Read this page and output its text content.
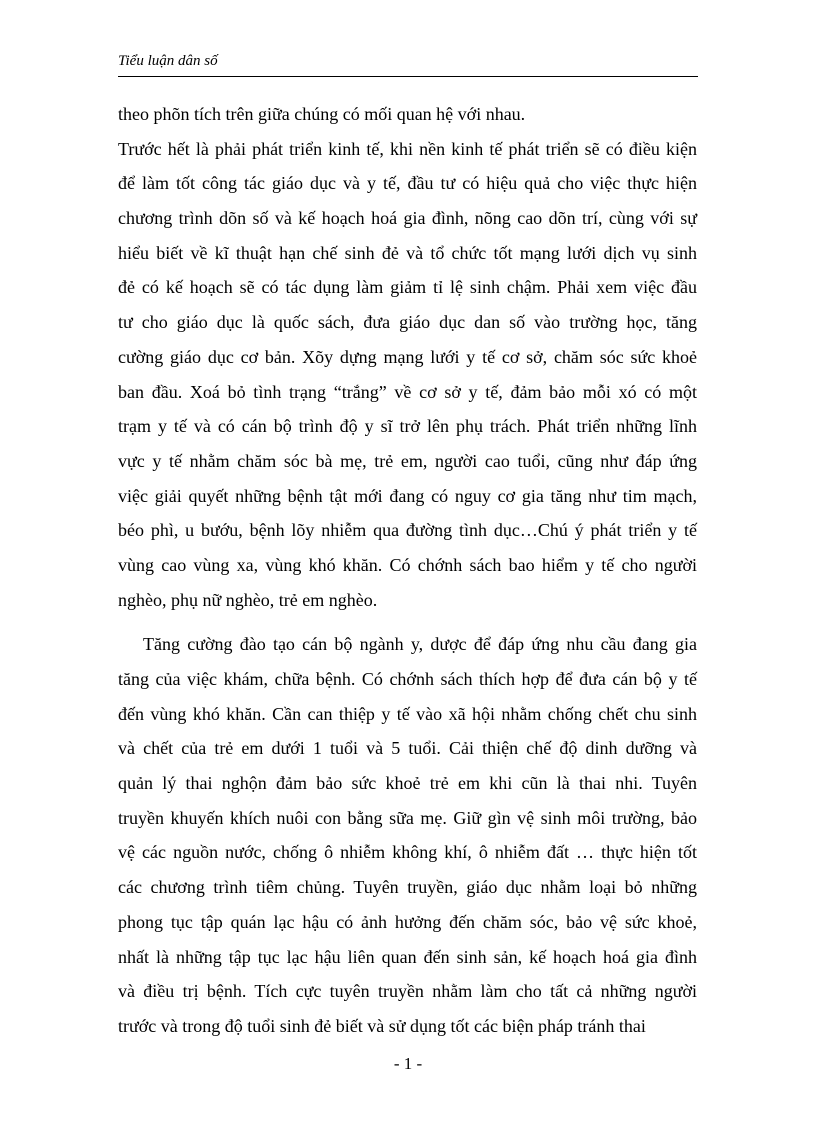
Tiểu luận dân số
theo phõn tích trên giữa chúng có mối quan hệ với nhau.
Trước hết là phải phát triển kinh tế, khi nền kinh tế phát triển sẽ có điều kiện
để làm tốt công tác giáo dục và y tế, đầu tư có hiệu quả cho việc thực hiện
chương trình dõn số và kế hoạch hoá gia đình, nõng cao dõn trí, cùng với sự
hiểu biết về kĩ thuật hạn chế sinh đẻ và tổ chức tốt mạng lưới dịch vụ sinh
đẻ có kế hoạch sẽ có tác dụng làm giảm tỉ lệ sinh chậm. Phải xem việc đầu
tư cho giáo dục là quốc sách, đưa giáo dục dan số vào trường học, tăng
cường giáo dục cơ bản. Xõy dựng mạng lưới y tế cơ sở, chăm sóc sức khoẻ
ban đầu. Xoá bỏ tình trạng “trắng” về cơ sở y tế, đảm bảo mỗi xó có một
trạm y tế và có cán bộ trình độ y sĩ trở lên phụ trách. Phát triển những lĩnh
vực y tế nhằm chăm sóc bà mẹ, trẻ em, người cao tuổi, cũng như đáp ứng
việc giải quyết những bệnh tật mới đang có nguy cơ gia tăng như tim mạch,
béo phì, u bướu, bệnh lõy nhiễm qua đường tình dục…Chú ý phát triển y tế
vùng cao vùng xa, vùng khó khăn. Có chớnh sách bao hiểm y tế cho người
nghèo, phụ nữ nghèo, trẻ em nghèo.
Tăng cường đào tạo cán bộ ngành y, dược để đáp ứng nhu cầu đang gia
tăng của việc khám, chữa bệnh. Có chớnh sách thích hợp để đưa cán bộ y tế
đến vùng khó khăn. Cần can thiệp y tế vào xã hội nhằm chống chết chu sinh
và chết của trẻ em dưới 1 tuổi và 5 tuổi. Cải thiện chế độ dinh dưỡng và
quản lý thai nghộn đảm bảo sức khoẻ trẻ em khi cũn là thai nhi. Tuyên
truyền khuyến khích nuôi con bằng sữa mẹ. Giữ gìn vệ sinh môi trường, bảo
vệ các nguồn nước, chống ô nhiễm không khí, ô nhiễm đất … thực hiện tốt
các chương trình tiêm chủng. Tuyên truyền, giáo dục nhằm loại bỏ những
phong tục tập quán lạc hậu có ảnh hưởng đến chăm sóc, bảo vệ sức khoẻ,
nhất là những tập tục lạc hậu liên quan đến sinh sản, kế hoạch hoá gia đình
và điều trị bệnh. Tích cực tuyên truyền nhằm làm cho tất cả những người
trước và trong độ tuổi sinh đẻ biết và sử dụng tốt các biện pháp tránh thai
- 1 -
